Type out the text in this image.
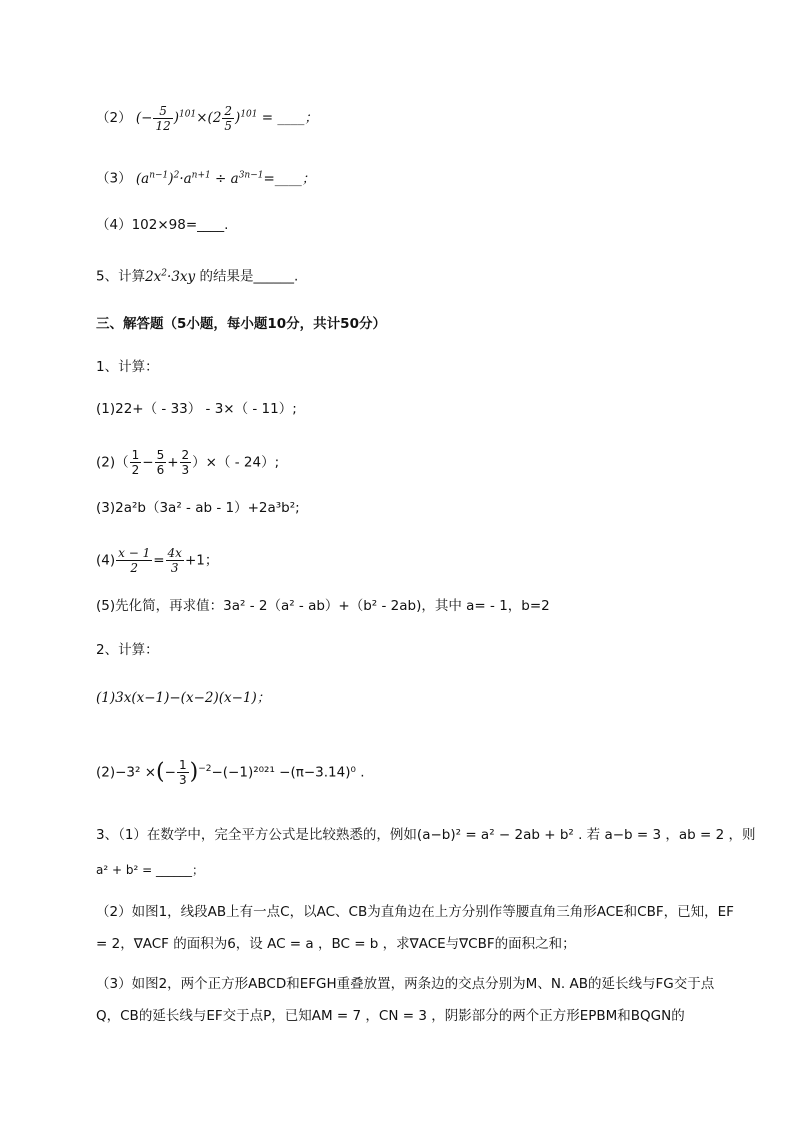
（2） (− $\frac{5}{12} )^{101}\times(2 \frac{2}{5} )^{101}$ = ____；
（3） $(a^{n-1})^2\cdot a^{n+1}$ ÷ $a^{3n-1}=\_\_\_\_$；
（4）102×98=____.
5、计算$2x^2\cdot 3xy$ 的结果是______.
三、解答题（5小题，每小题10分，共计50分）
1、计算：
(1)22+（ - 33） - 3×（ - 11）;
$(2)( \frac{1}{2} - \frac{5}{6} + \frac{2}{3}$ ）×（ - 24）;
(3)2a²b（3a² - ab - 1）+2a³b²;
$(4) \frac{x - 1}{2} = \frac{4x}{3} +1$；
(5)先化简，再求值：3a² - 2（a² - ab）+（b² - 2ab)，其中 a= - 1，b=2
2、计算：
(1)3x(x−1)−(x−2)(x−1)；
(2)−3² ×(− $\frac{1}{3} )^{-2}-(-1)^{2021} -(\pi-3.14)^0$ .
3、（1）在数学中，完全平方公式是比较熟悉的，例如(a−b)² = a² − 2ab + b² . 若 a−b = 3 ，ab = 2 ，则
a² + b² = ______；
（2）如图1，线段AB上有一点C，以AC、CB为直角边在上方分别作等腰直角三角形ACE和CBF，已知，EF = 2，∇ACF 的面积为6，设 AC = a ，BC = b ，求∇ACE与∇CBF的面积之和；
（3）如图2，两个正方形ABCD和EFGH重叠放置，两条边的交点分别为M、N. AB的延长线与FG交于点Q，CB的延长线与EF交于点P，已知AM = 7 ，CN = 3 ，阴影部分的两个正方形EPBM和BQGN的
